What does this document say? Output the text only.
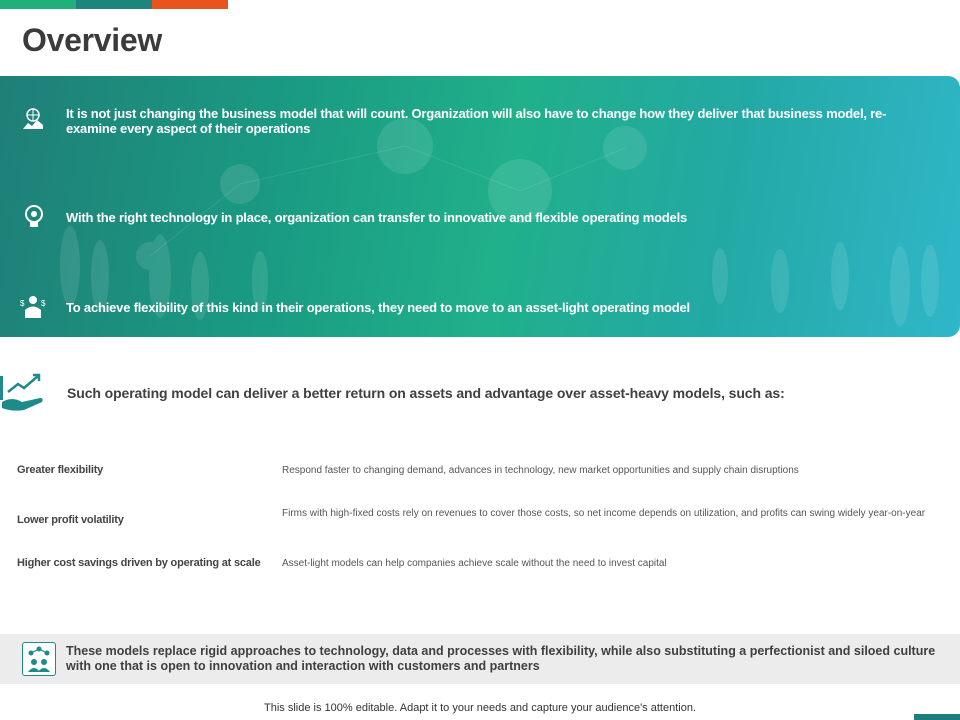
Overview
It is not just changing the business model that will count. Organization will also have to change how they deliver that business model, re-examine every aspect of their operations
With the right technology in place, organization can transfer to innovative and flexible operating models
$ $ To achieve flexibility of this kind in their operations, they need to move to an asset-light operating model
Such operating model can deliver a better return on assets and advantage over asset-heavy models, such as:
Greater flexibility	Respond faster to changing demand, advances in technology, new market opportunities and supply chain disruptions
Lower profit volatility
Firms with high-fixed costs rely on revenues to cover those costs, so net income depends on utilization, and profits can swing widely year-on-year
Higher cost savings driven by operating at scale Asset-light models can help companies achieve scale without the need to invest capital
These models replace rigid approaches to technology, data and processes with flexibility, while also substituting a perfectionist and siloed culture with one that is open to innovation and interaction with customers and partners
This slide is 100% editable. Adapt it to your needs and capture your audience's attention.
